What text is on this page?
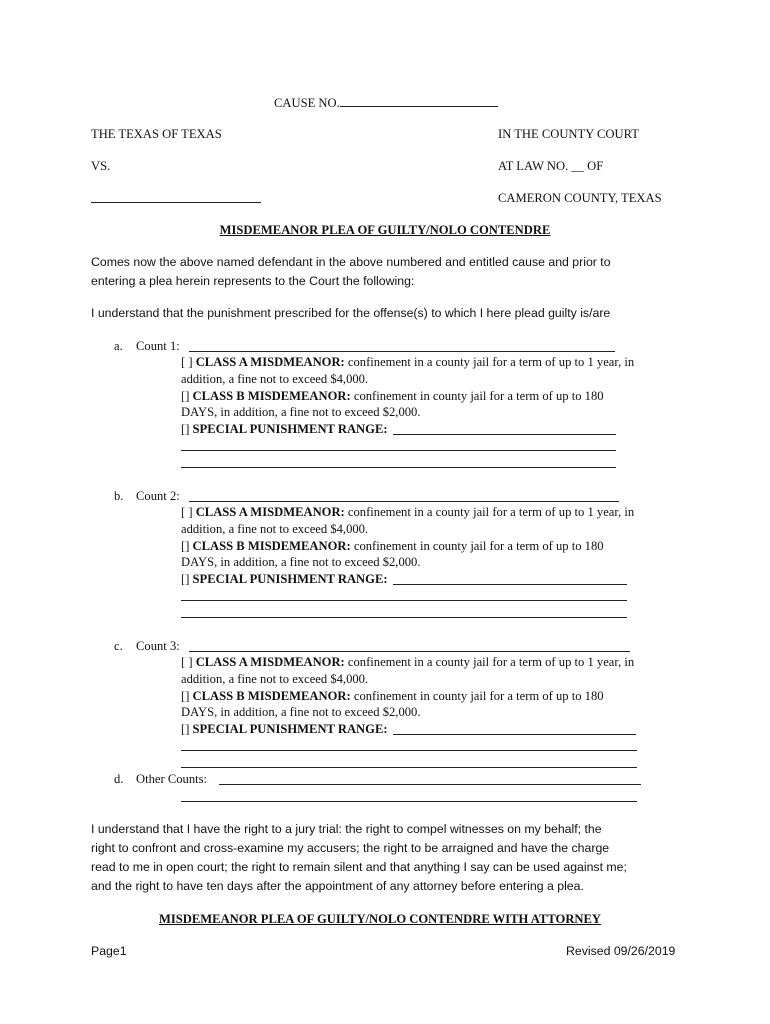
CAUSE NO.
THE TEXAS OF TEXAS
VS.
IN THE COUNTY COURT
AT LAW NO. __ OF
CAMERON COUNTY, TEXAS
MISDEMEANOR PLEA OF GUILTY/NOLO CONTENDRE
Comes now the above named defendant in the above numbered and entitled cause and prior to
entering a plea herein represents to the Court the following:
I understand that the punishment prescribed for the offense(s) to which I here plead guilty is/are
a. Count 1:
[ ] CLASS A MISDMEANOR: confinement in a county jail for a term of up to 1 year, in
addition, a fine not to exceed $4,000.
[] CLASS B MISDEMEANOR: confinement in county jail for a term of up to 180
DAYS, in addition, a fine not to exceed $2,000.
[] SPECIAL PUNISHMENT RANGE:
b. Count 2:
[ ] CLASS A MISDMEANOR: confinement in a county jail for a term of up to 1 year, in
addition, a fine not to exceed $4,000.
[] CLASS B MISDEMEANOR: confinement in county jail for a term of up to 180
DAYS, in addition, a fine not to exceed $2,000.
[] SPECIAL PUNISHMENT RANGE:
c. Count 3:
[ ] CLASS A MISDMEANOR: confinement in a county jail for a term of up to 1 year, in
addition, a fine not to exceed $4,000.
[] CLASS B MISDEMEANOR: confinement in county jail for a term of up to 180
DAYS, in addition, a fine not to exceed $2,000.
[] SPECIAL PUNISHMENT RANGE:
d. Other Counts:
I understand that I have the right to a jury trial: the right to compel witnesses on my behalf; the
right to confront and cross-examine my accusers; the right to be arraigned and have the charge
read to me in open court; the right to remain silent and that anything I say can be used against me;
and the right to have ten days after the appointment of any attorney before entering a plea.
MISDEMEANOR PLEA OF GUILTY/NOLO CONTENDRE WITH ATTORNEY
Page1	Revised 09/26/2019
